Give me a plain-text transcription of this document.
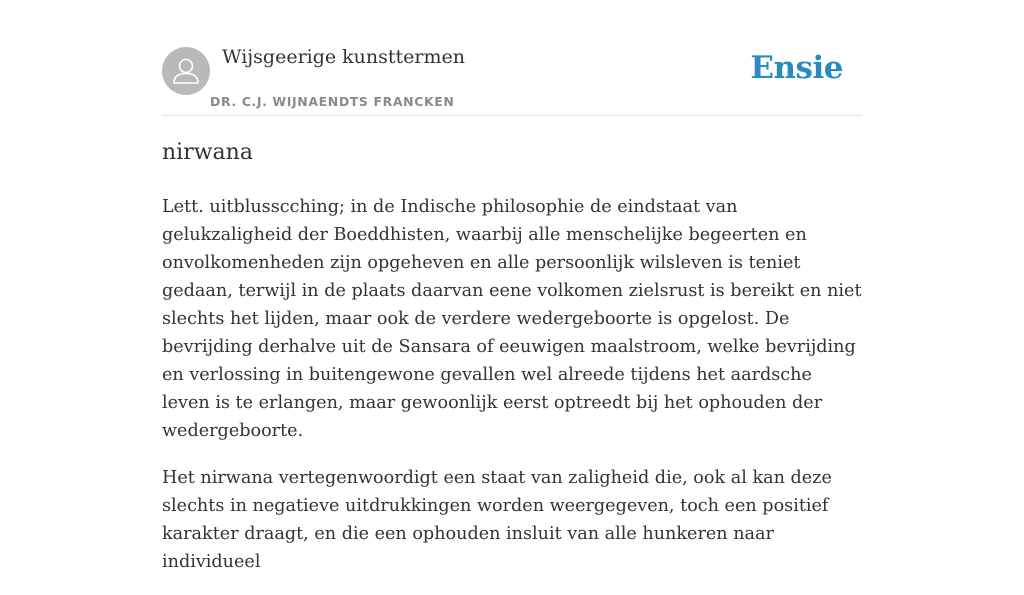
Wijsgeerige kunsttermen
DR. C.J. WIJNAENDTS FRANCKEN
Ensie
nirwana

Lett. uitblusscching; in de Indische philosophie de eindstaat van gelukzaligheid der Boeddhisten, waarbij alle menschelijke begeerten en onvolkomenheden zijn opgeheven en alle persoonlijk wilsleven is teniet gedaan, terwijl in de plaats daarvan eene volkomen zielsrust is bereikt en niet slechts het lijden, maar ook de verdere wedergeboorte is opgelost. De bevrijding derhalve uit de Sansara of eeuwigen maalstroom, welke bevrijding en verlossing in buitengewone gevallen wel alreede tijdens het aardsche leven is te erlangen, maar gewoonlijk eerst optreedt bij het ophouden der wedergeboorte.

Het nirwana vertegenwoordigt een staat van zaligheid die, ook al kan deze slechts in negatieve uitdrukkingen worden weergegeven, toch een positief karakter draagt, en die een ophouden insluit van alle hunkeren naar individueel
